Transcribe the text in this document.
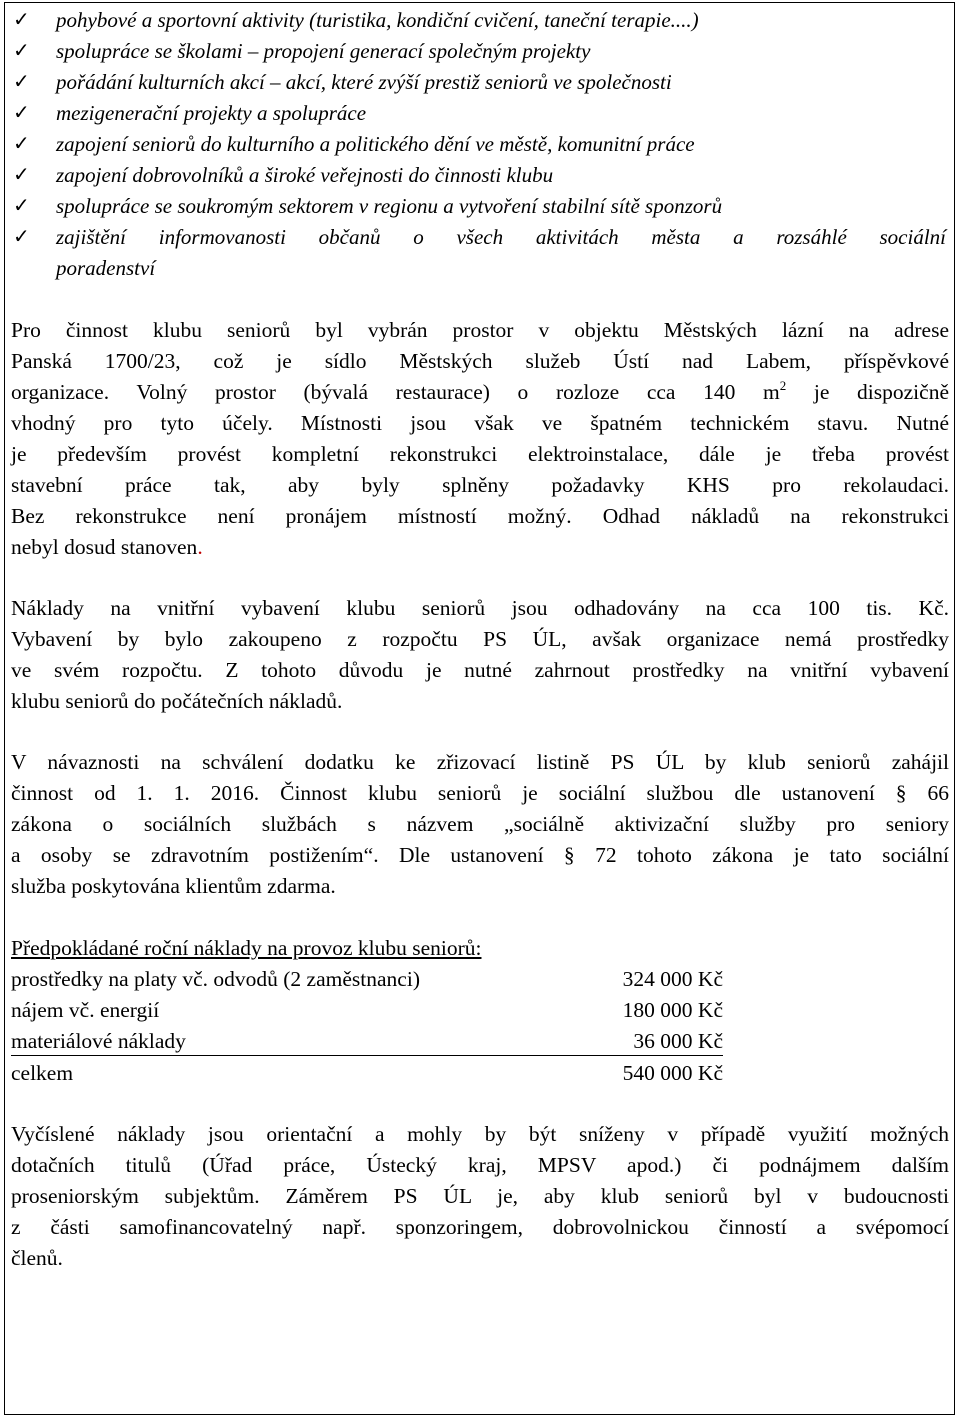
✓ pohybové a sportovní aktivity (turistika, kondiční cvičení, taneční terapie....)
✓ spolupráce se školami – propojení generací společným projekty
✓ pořádání kulturních akcí – akcí, které zvýší prestiž seniorů ve společnosti
✓ mezigenerační projekty a spolupráce
✓ zapojení seniorů do kulturního a politického dění ve městě, komunitní práce
✓ zapojení dobrovolníků a široké veřejnosti do činnosti klubu
✓ spolupráce se soukromým sektorem v regionu a vytvoření stabilní sítě sponzorů
✓ zajištění informovanosti občanů o všech aktivitách města a rozsáhlé sociální
poradenství
Pro činnost klubu seniorů byl vybrán prostor v objektu Městských lázní na adrese
Panská 1700/23, což je sídlo Městských služeb Ústí nad Labem, příspěvkové
organizace. Volný prostor (bývalá restaurace) o rozloze cca 140 $m^2$ je dispozičně
vhodný pro tyto účely. Místnosti jsou však ve špatném technickém stavu. Nutné
je především provést kompletní rekonstrukci elektroinstalace, dále je třeba provést
stavební práce tak, aby byly splněny požadavky KHS pro rekolaudaci.
Bez rekonstrukce není pronájem místností možný. Odhad nákladů na rekonstrukci
nebyl dosud stanoven.
Náklady na vnitřní vybavení klubu seniorů jsou odhadovány na cca 100 tis. Kč.
Vybavení by bylo zakoupeno z rozpočtu PS ÚL, avšak organizace nemá prostředky
ve svém rozpočtu. Z tohoto důvodu je nutné zahrnout prostředky na vnitřní vybavení
klubu seniorů do počátečních nákladů.
V návaznosti na schválení dodatku ke zřizovací listině PS ÚL by klub seniorů zahájil
činnost od 1. 1. 2016. Činnost klubu seniorů je sociální službou dle ustanovení § 66
zákona o sociálních službách s názvem „sociálně aktivizační služby pro seniory
a osoby se zdravotním postižením“. Dle ustanovení § 72 tohoto zákona je tato sociální
služba poskytována klientům zdarma.
Předpokládané roční náklady na provoz klubu seniorů:
prostředky na platy vč. odvodů (2 zaměstnanci)	324 000 Kč
nájem vč. energií	180 000 Kč
materiálové náklady	36 000 Kč
celkem	540 000 Kč
Vyčíslené náklady jsou orientační a mohly by být sníženy v případě využití možných
dotačních titulů (Úřad práce, Ústecký kraj, MPSV apod.) či podnájmem dalším
proseniorským subjektům. Záměrem PS ÚL je, aby klub seniorů byl v budoucnosti
z části samofinancovatelný např. sponzoringem, dobrovolnickou činností a svépomocí
členů.
